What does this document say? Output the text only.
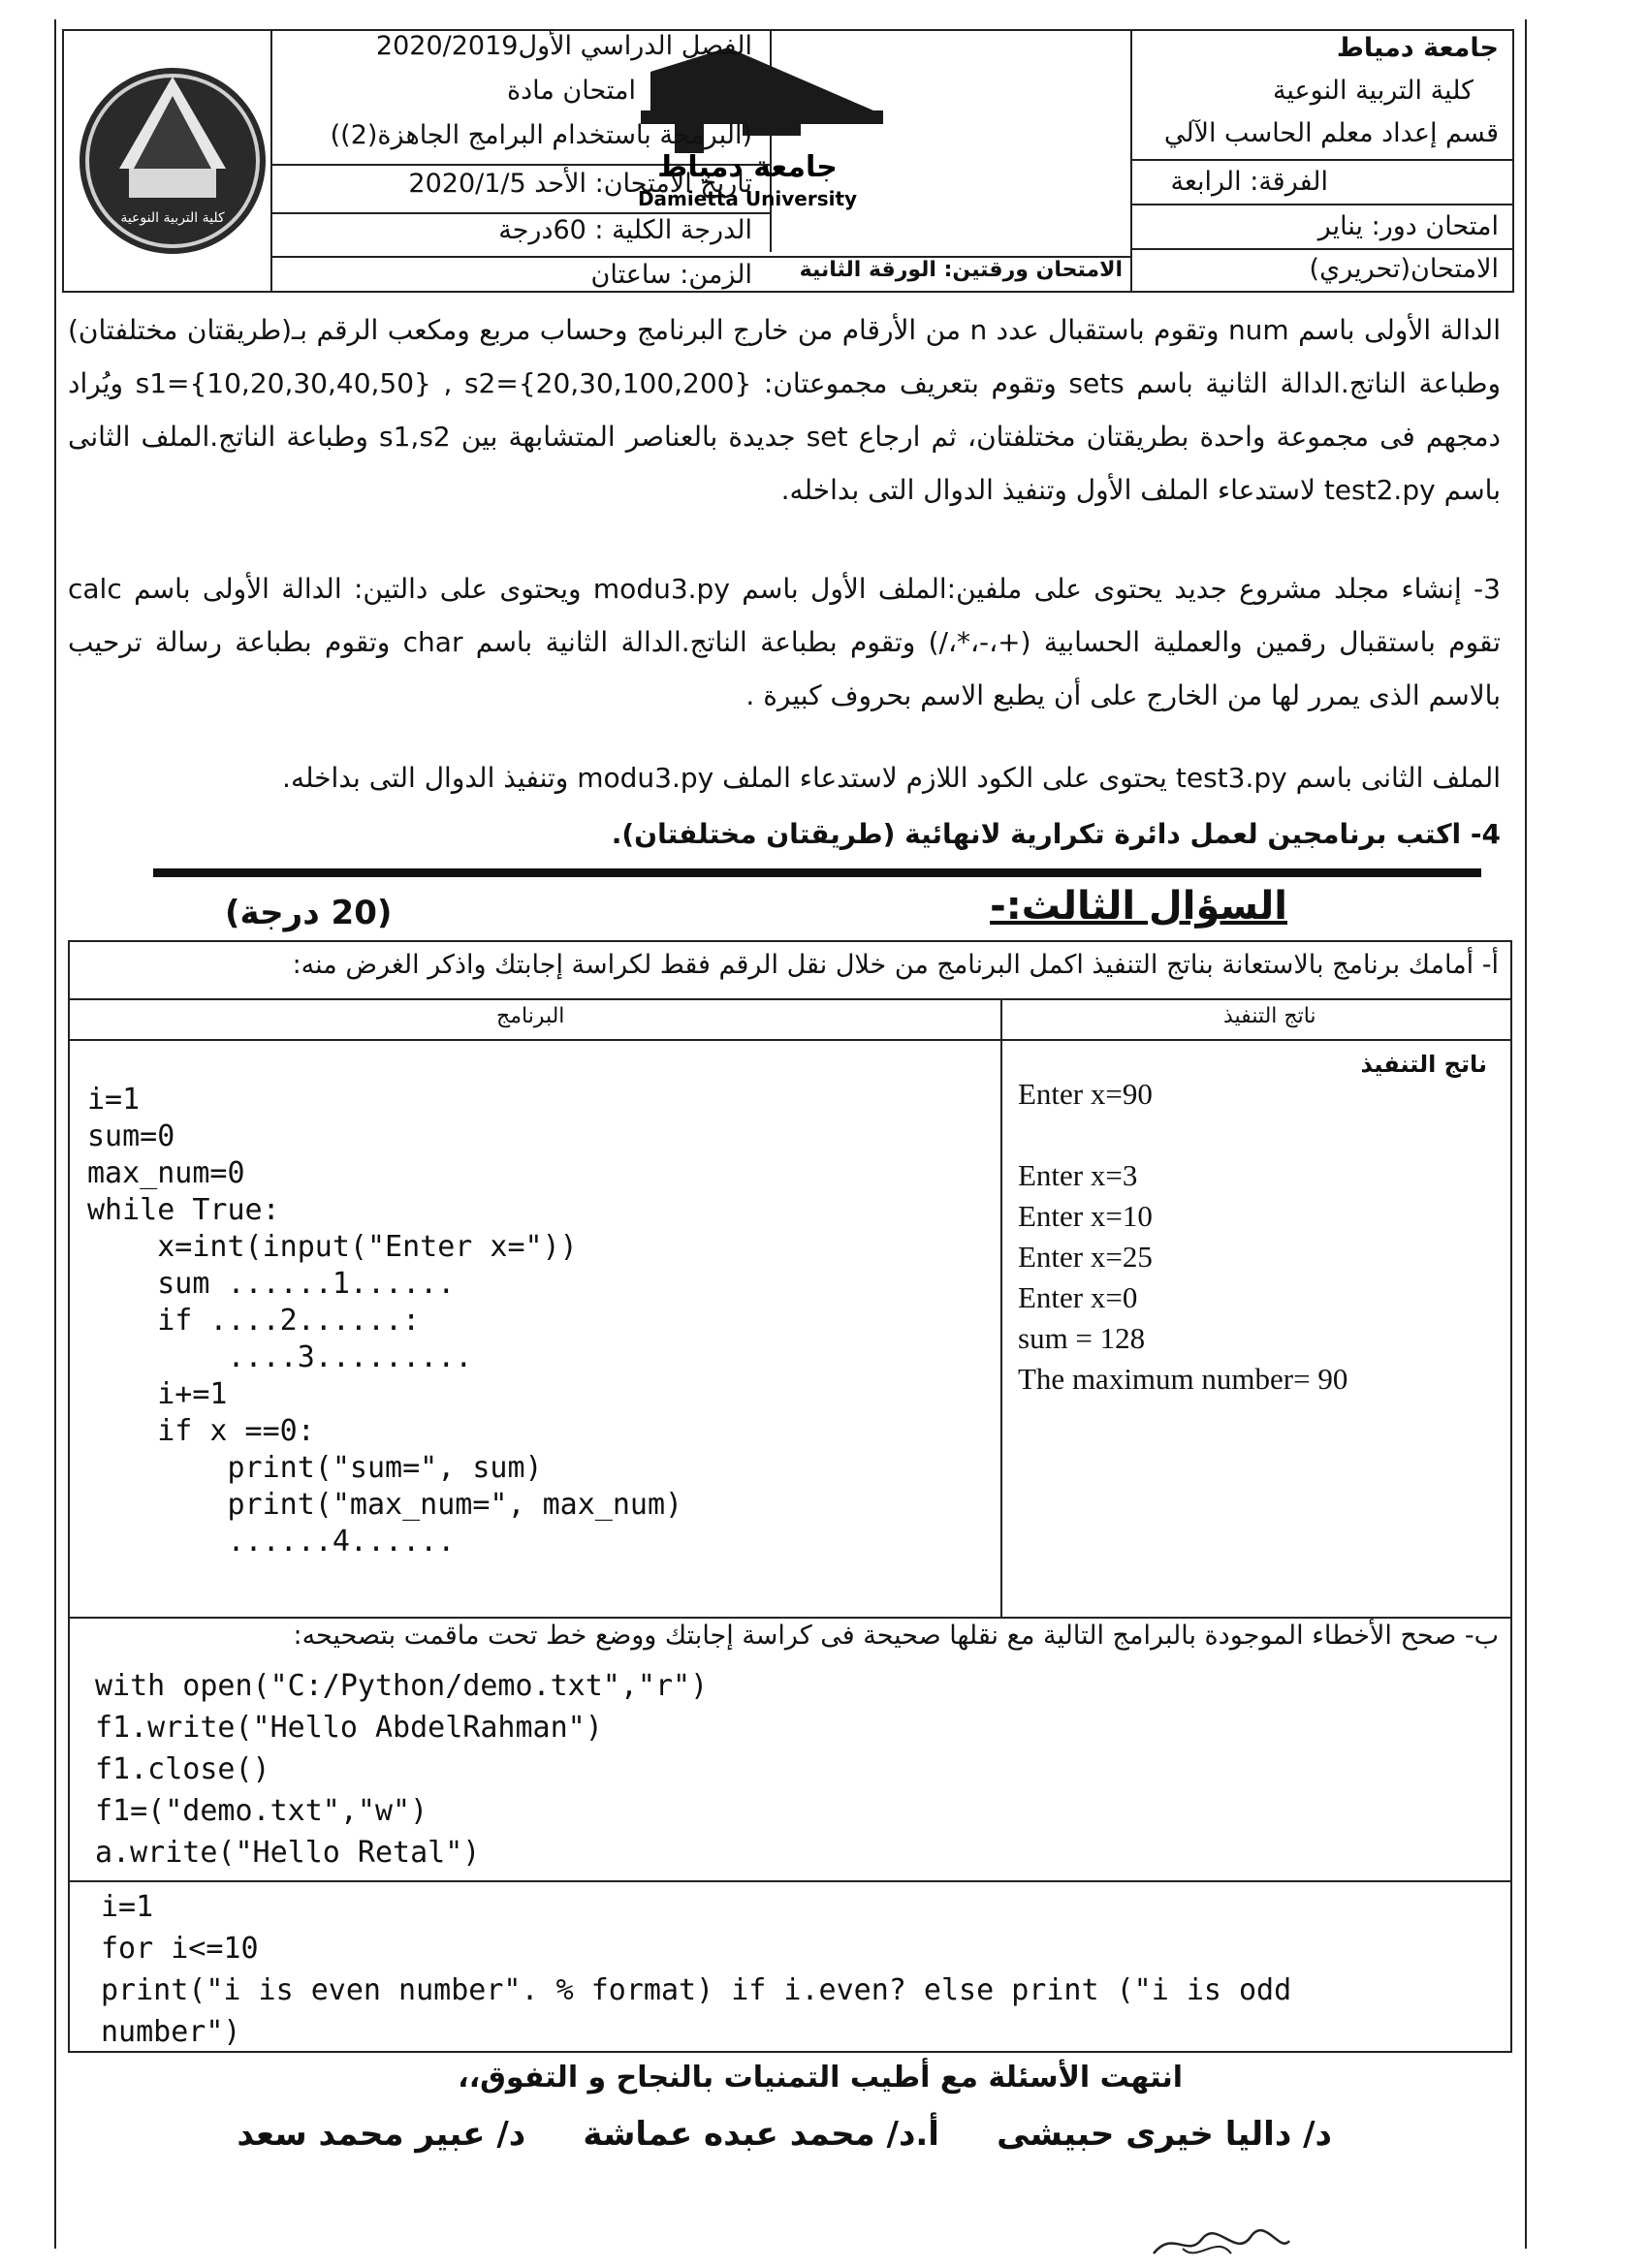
جامعة دمياط
كلية التربية النوعية
قسم إعداد معلم الحاسب الآلي
الفرقة: الرابعة
امتحان دور: يناير
الامتحان(تحريري)
جامعة دمياط
Damietta University
الامتحان ورقتين: الورقة الثانية
الفصل الدراسي الأول2020/2019
امتحان مادة
(البرمجة باستخدام البرامج الجاهزة(2))
تاريخ الامتحان: الأحد 2020/1/5
الدرجة الكلية : 60درجة
الزمن: ساعتان
كلية التربية النوعية
الدالة الأولى باسم num وتقوم باستقبال عدد n من الأرقام من خارج البرنامج وحساب مربع ومكعب الرقم بـ(طريقتان مختلفتان) وطباعة الناتج.الدالة الثانية باسم sets وتقوم بتعريف مجموعتان: s1={10,20,30,40,50} , s2={20,30,100,200} ويُراد دمجهم فى مجموعة واحدة بطريقتان مختلفتان، ثم ارجاع set جديدة بالعناصر المتشابهة بين s1,s2 وطباعة الناتج.الملف الثانى باسم test2.py لاستدعاء الملف الأول وتنفيذ الدوال التى بداخله.
3- إنشاء مجلد مشروع جديد يحتوى على ملفين:الملف الأول باسم modu3.py ويحتوى على دالتين: الدالة الأولى باسم calc تقوم باستقبال رقمين والعملية الحسابية (+،-،*،/) وتقوم بطباعة الناتج.الدالة الثانية باسم char وتقوم بطباعة رسالة ترحيب بالاسم الذى يمرر لها من الخارج على أن يطبع الاسم بحروف كبيرة .
الملف الثانى باسم test3.py يحتوى على الكود اللازم لاستدعاء الملف modu3.py وتنفيذ الدوال التى بداخله.
4- اكتب برنامجين لعمل دائرة تكرارية لانهائية (طريقتان مختلفتان).
السؤال الثالث:-
(20 درجة)
أ- أمامك برنامج بالاستعانة بناتج التنفيذ اكمل البرنامج من خلال نقل الرقم فقط لكراسة إجابتك واذكر الغرض منه:
البرنامج	ناتج التنفيذ
ناتج التنفيذ
i=1
sum=0
max_num=0
while True:
x=int(input("Enter x="))
sum ......1......
if ....2......:
....3.........
i+=1
if x ==0:
print("sum=", sum)
print("max_num=", max_num)
......4......
Enter x=90

Enter x=3
Enter x=10
Enter x=25
Enter x=0
sum = 128
The maximum number= 90
ب- صحح الأخطاء الموجودة بالبرامج التالية مع نقلها صحيحة فى كراسة إجابتك ووضع خط تحت ماقمت بتصحيحه:
with open("C:/Python/demo.txt","r")
f1.write("Hello AbdelRahman")
f1.close()
f1=("demo.txt","w")
a.write("Hello Retal")
i=1
for i<=10
print("i is even number". % format) if i.even? else print ("i is odd
number")
انتهت الأسئلة مع أطيب التمنيات بالنجاح و التفوق،،
د/ داليا خيرى حبيشى     أ.د/ محمد عبده عماشة     د/ عبير محمد سعد
